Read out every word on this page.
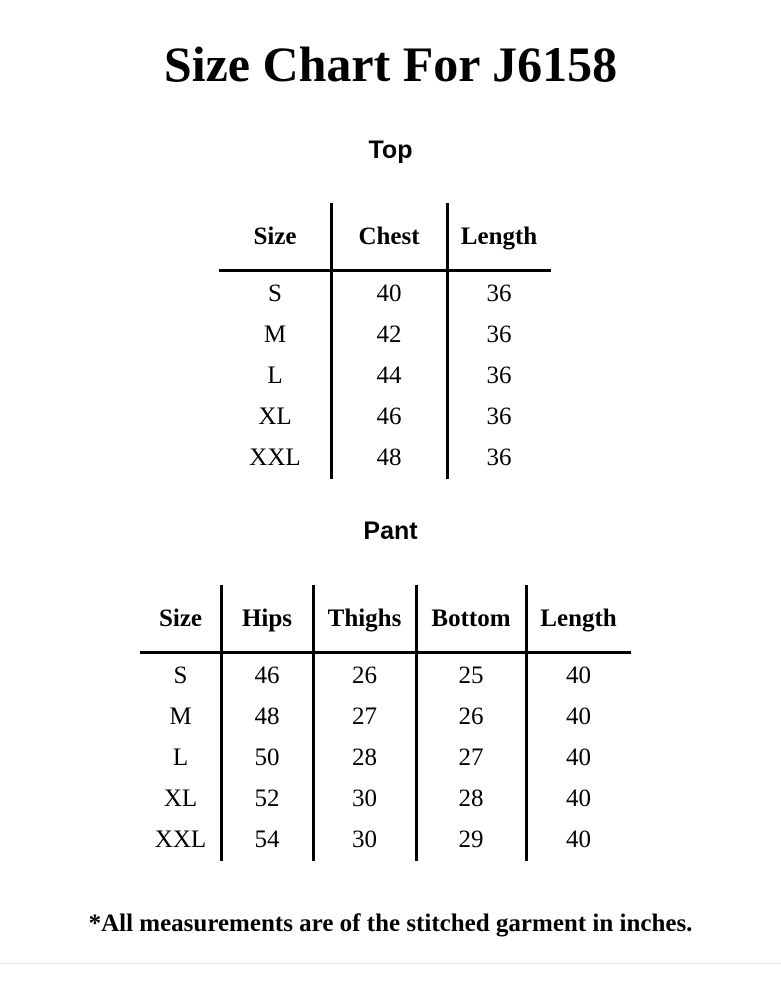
Size Chart For J6158
Top
Size	Chest	Length
S	40	36
M	42	36
L	44	36
XL	46	36
XXL	48	36
Pant
Size	Hips	Thighs	Bottom	Length
S	46	26	25	40
M	48	27	26	40
L	50	28	27	40
XL	52	30	28	40
XXL	54	30	29	40
*All measurements are of the stitched garment in inches.
